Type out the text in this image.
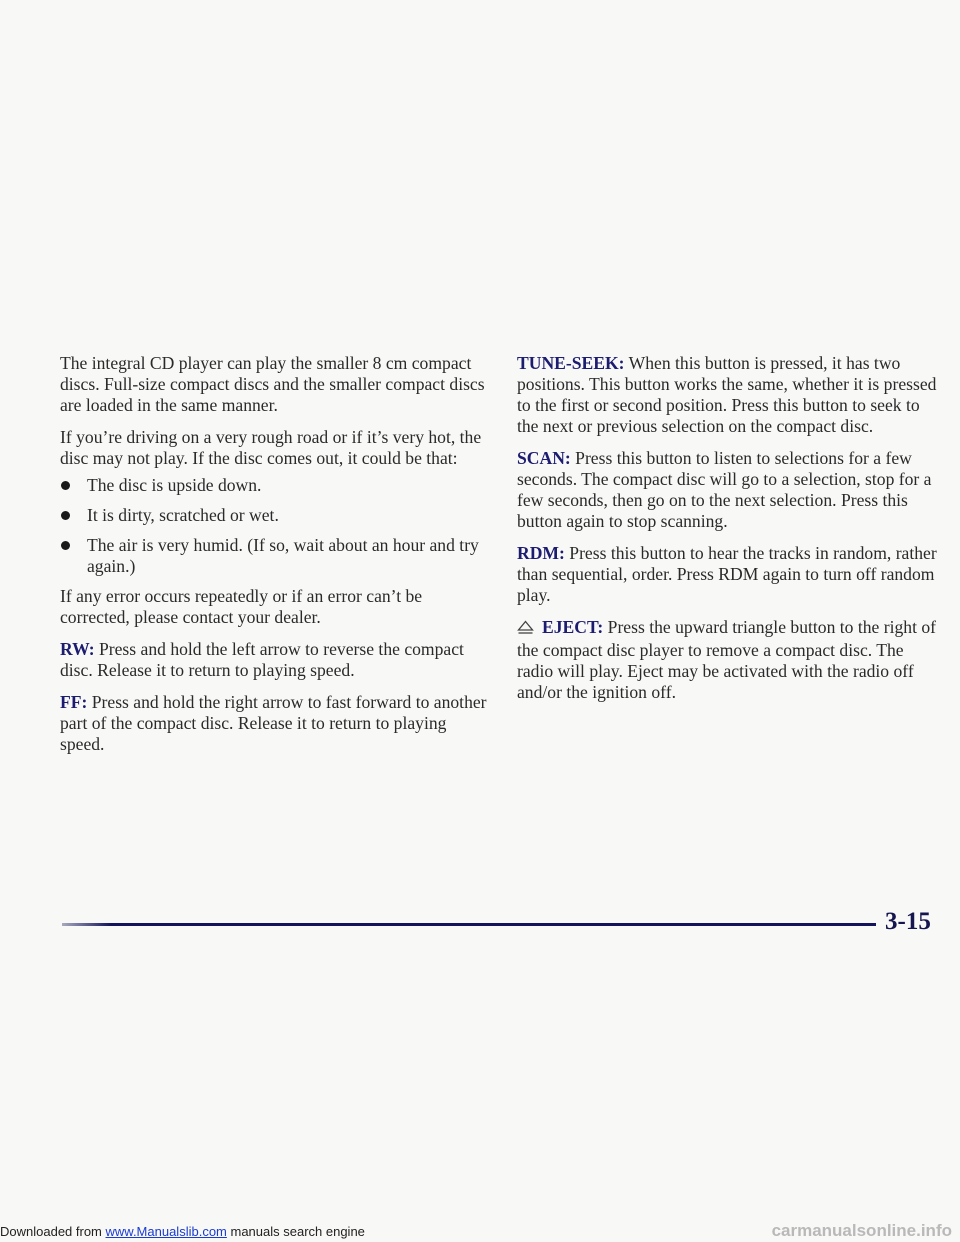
The integral CD player can play the smaller 8 cm compact discs. Full-size compact discs and the smaller compact discs are loaded in the same manner.

If you’re driving on a very rough road or if it’s very hot, the disc may not play. If the disc comes out, it could be that:

The disc is upside down.
It is dirty, scratched or wet.
The air is very humid. (If so, wait about an hour and try again.)

If any error occurs repeatedly or if an error can’t be corrected, please contact your dealer.

RW: Press and hold the left arrow to reverse the compact disc. Release it to return to playing speed.

FF: Press and hold the right arrow to fast forward to another part of the compact disc. Release it to return to playing speed.

TUNE-SEEK: When this button is pressed, it has two positions. This button works the same, whether it is pressed to the first or second position. Press this button to seek to the next or previous selection on the compact disc.

SCAN: Press this button to listen to selections for a few seconds. The compact disc will go to a selection, stop for a few seconds, then go on to the next selection. Press this button again to stop scanning.

RDM: Press this button to hear the tracks in random, rather than sequential, order. Press RDM again to turn off random play.

EJECT: Press the upward triangle button to the right of the compact disc player to remove a compact disc. The radio will play. Eject may be activated with the radio off and/or the ignition off.

3-15
Downloaded from www.Manualslib.com manuals search engine	carmanualsonline.info
